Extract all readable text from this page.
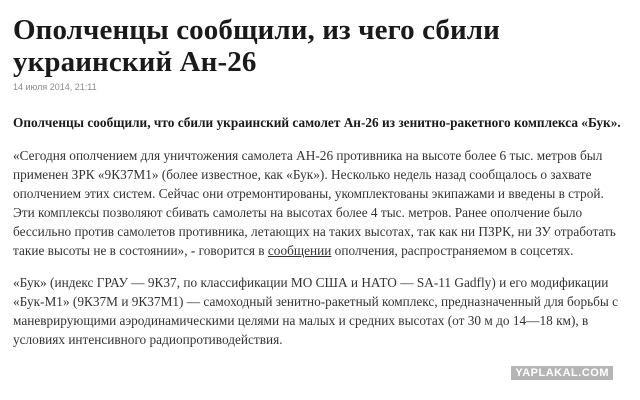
Ополченцы сообщили, из чего сбили украинский Ан-26
14 июля 2014, 21:11

Ополченцы сообщили, что сбили украинский самолет Ан-26 из зенитно-ракетного комплекса «Бук».

«Сегодня ополчением для уничтожения самолета АН-26 противника на высоте более 6 тыс. метров был применен ЗРК «9К37М1» (более известное, как «Бук»). Несколько недель назад сообщалось о захвате ополчением этих систем. Сейчас они отремонтированы, укомплектованы экипажами и введены в строй. Эти комплексы позволяют сбивать самолеты на высотах более 4 тыс. метров. Ранее ополчение было бессильно против самолетов противника, летающих на таких высотах, так как ни ПЗРК, ни ЗУ отработать такие высоты не в состоянии», - говорится в сообщении ополчения, распространяемом в соцсетях.

«Бук» (индекс ГРАУ — 9К37, по классификации МО США и НАТО — SA-11 Gadfly) и его модификации «Бук-М1» (9К37М и 9К37М1) — самоходный зенитно-ракетный комплекс, предназначенный для борьбы с маневрирующими аэродинамическими целями на малых и средних высотах (от 30 м до 14—18 км), в условиях интенсивного радиопротиводействия.

YAPLAKAL.COM
